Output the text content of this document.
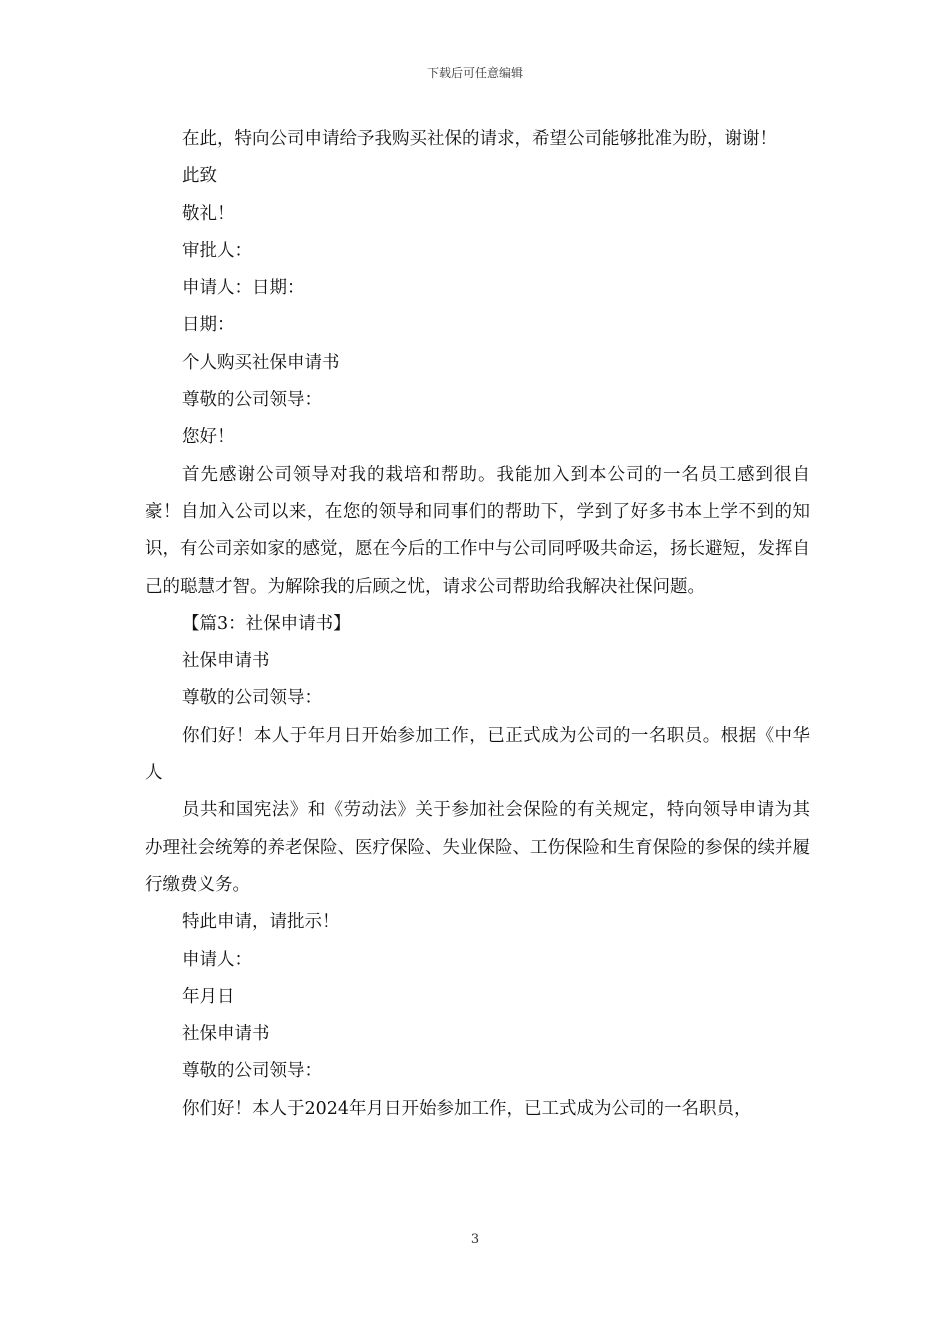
下载后可任意编辑

在此，特向公司申请给予我购买社保的请求，希望公司能够批准为盼，谢谢！

此致

敬礼！

审批人：

申请人：日期：

日期：

个人购买社保申请书

尊敬的公司领导：

您好！

首先感谢公司领导对我的栽培和帮助。我能加入到本公司的一名员工感到很自豪！自加入公司以来，在您的领导和同事们的帮助下，学到了好多书本上学不到的知识，有公司亲如家的感觉，愿在今后的工作中与公司同呼吸共命运，扬长避短，发挥自己的聪慧才智。为解除我的后顾之忧，请求公司帮助给我解决社保问题。

【篇3：社保申请书】

社保申请书

尊敬的公司领导：

你们好！本人于年月日开始参加工作，已正式成为公司的一名职员。根据《中华人

员共和国宪法》和《劳动法》关于参加社会保险的有关规定，特向领导申请为其办理社会统筹的养老保险、医疗保险、失业保险、工伤保险和生育保险的参保的续并履行缴费义务。

特此申请，请批示！

申请人：

年月日

社保申请书

尊敬的公司领导：

你们好！本人于2024年月日开始参加工作，已工式成为公司的一名职员，

3
